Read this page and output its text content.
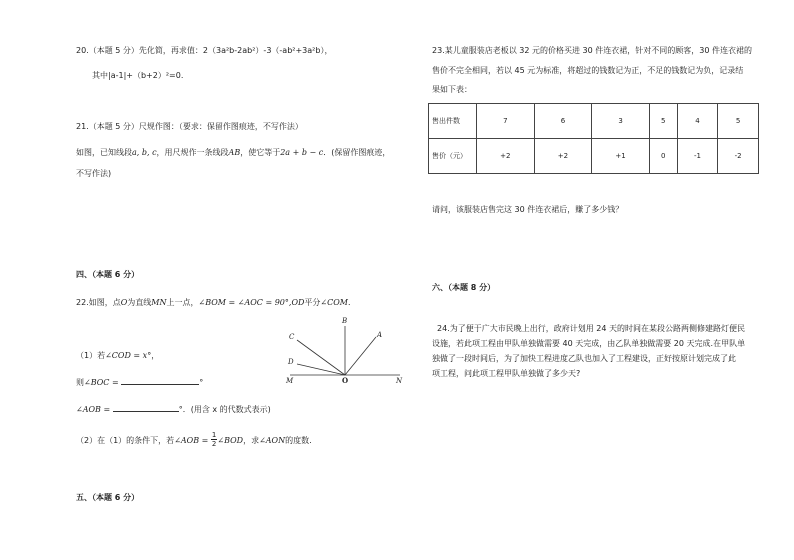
20.（本题 5 分）先化简，再求值：2（3a²b-2ab²）-3（-ab²+3a²b），
其中|a-1|+（b+2）²=0.
21.（本题 5 分）尺规作图：（要求：保留作图痕迹，不写作法）
如图，已知线段a, b, c，用尺规作一条线段AB，使它等于2a + b − c．(保留作图痕迹，
不写作法)
四、（本题 6 分）
22.如图，点O为直线MN上一点，∠BOM = ∠AOC = 90°,OD平分∠COM．
（1）若∠COD = x°，
则∠BOC =	°
∠AOB =	°．(用含 x 的代数式表示)
（2）在（1）的条件下，若∠AOB = $\frac{1}{2}$ ∠BOD，求∠AON的度数.
五、（本题 6 分）
B
A
C
D
M	O	N
23.某儿童服装店老板以 32 元的价格买进 30 件连衣裙，针对不同的顾客，30 件连衣裙的
售价不完全相同，若以 45 元为标准，将超过的钱数记为正，不足的钱数记为负，记录结
果如下表：
售出件数	7	6	3	5	4	5
售价（元）	+2	+2	+1	0	-1	-2
请问，该服装店售完这 30 件连衣裙后，赚了多少钱？
六、（本题 8 分）
24.为了便于广大市民晚上出行，政府计划用 24 天的时间在某段公路两侧修建路灯便民
设施，若此项工程由甲队单独做需要 40 天完成，由乙队单独做需要 20 天完成.在甲队单
独做了一段时间后，为了加快工程进度乙队也加入了工程建设，正好按原计划完成了此
项工程，问此项工程甲队单独做了多少天?
